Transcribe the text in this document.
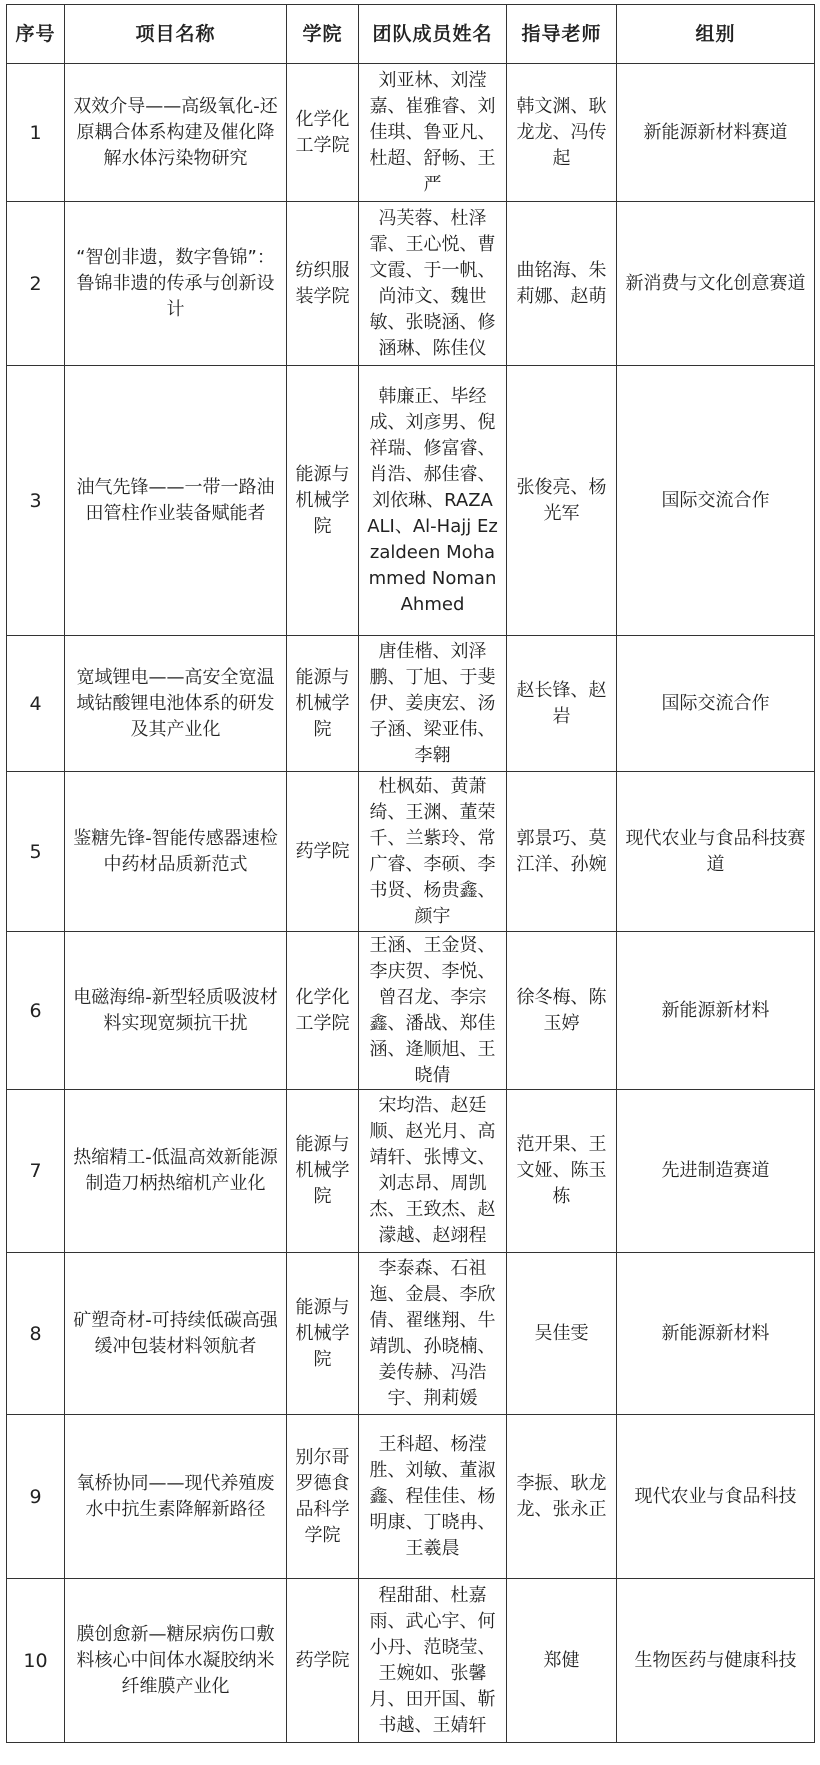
序号	项目名称	学院	团队成员姓名	指导老师	组别
1	双效介导——高级氧化-还原耦合体系构建及催化降解水体污染物研究	化学化工学院	刘亚林、刘滢嘉、崔雅睿、刘佳琪、鲁亚凡、杜超、舒畅、王严	韩文渊、耿龙龙、冯传起	新能源新材料赛道
2	“智创非遗，数字鲁锦”：鲁锦非遗的传承与创新设计	纺织服装学院	冯芙蓉、杜泽霏、王心悦、曹文霞、于一帆、尚沛文、魏世敏、张晓涵、修涵琳、陈佳仪	曲铭海、朱莉娜、赵萌	新消费与文化创意赛道
3	油气先锋——一带一路油田管柱作业装备赋能者	能源与机械学院	韩廉正、毕经成、刘彦男、倪祥瑞、修富睿、肖浩、郝佳睿、刘依琳、RAZA ALI、Al-Hajj Ezzaldeen Mohammed Noman Ahmed	张俊亮、杨光军	国际交流合作
4	宽域锂电——高安全宽温域钴酸锂电池体系的研发及其产业化	能源与机械学院	唐佳楷、刘泽鹏、丁旭、于斐伊、姜庚宏、汤子涵、梁亚伟、李翱	赵长锋、赵岩	国际交流合作
5	鉴糖先锋-智能传感器速检中药材品质新范式	药学院	杜枫茹、黄萧绮、王渊、董荣千、兰紫玲、常广睿、李硕、李书贤、杨贵鑫、颜宇	郭景巧、莫江洋、孙婉	现代农业与食品科技赛道
6	电磁海绵-新型轻质吸波材料实现宽频抗干扰	化学化工学院	王涵、王金贤、李庆贺、李悦、曾召龙、李宗鑫、潘战、郑佳涵、逄顺旭、王晓倩	徐冬梅、陈玉婷	新能源新材料
7	热缩精工-低温高效新能源制造刀柄热缩机产业化	能源与机械学院	宋均浩、赵廷顺、赵光月、高靖轩、张博文、刘志昂、周凯杰、王致杰、赵濛越、赵翊程	范开果、王文娅、陈玉栋	先进制造赛道
8	矿塑奇材-可持续低碳高强缓冲包装材料领航者	能源与机械学院	李泰森、石祖迤、金晨、李欣倩、翟继翔、牛靖凯、孙晓楠、姜传赫、冯浩宇、荆莉媛	吴佳雯	新能源新材料
9	氧桥协同——现代养殖废水中抗生素降解新路径	别尔哥罗德食品科学学院	王科超、杨滢胜、刘敏、董淑鑫、程佳佳、杨明康、丁晓冉、王羲晨	李振、耿龙龙、张永正	现代农业与食品科技
10	膜创愈新—糖尿病伤口敷料核心中间体水凝胶纳米纤维膜产业化	药学院	程甜甜、杜嘉雨、武心宇、何小丹、范晓莹、王婉如、张馨月、田开国、靳书越、王婧轩	郑健	生物医药与健康科技
